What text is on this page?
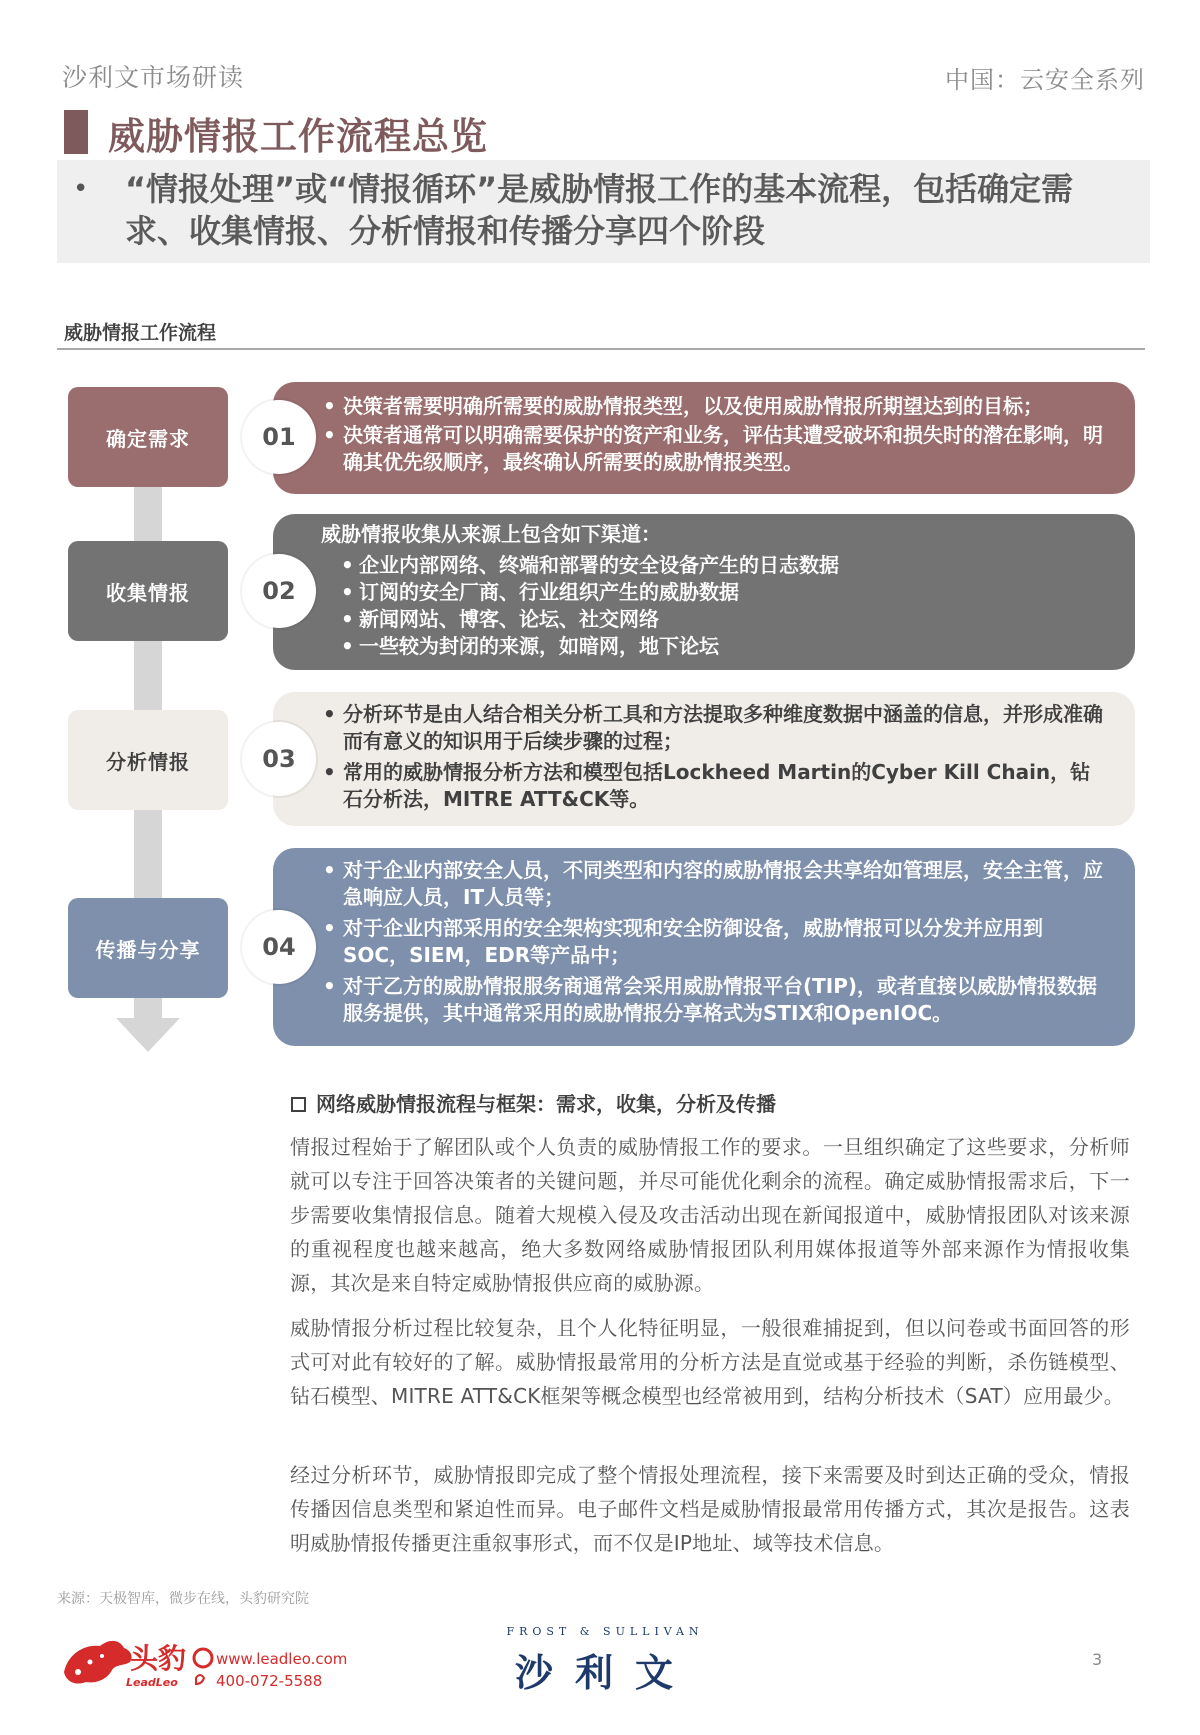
沙利文市场研读	中国：云安全系列
威胁情报工作流程总览
• “情报处理”或“情报循环”是威胁情报工作的基本流程，包括确定需求、收集情报、分析情报和传播分享四个阶段
威胁情报工作流程
确定需求
• 决策者需要明确所需要的威胁情报类型，以及使用威胁情报所期望达到的目标；
• 决策者通常可以明确需要保护的资产和业务，评估其遭受破坏和损失时的潜在影响，明确其优先级顺序，最终确认所需要的威胁情报类型。
01
收集情报
威胁情报收集从来源上包含如下渠道：
• 企业内部网络、终端和部署的安全设备产生的日志数据
• 订阅的安全厂商、行业组织产生的威胁数据
• 新闻网站、博客、论坛、社交网络
• 一些较为封闭的来源，如暗网，地下论坛
02
分析情报
• 分析环节是由人结合相关分析工具和方法提取多种维度数据中涵盖的信息，并形成准确而有意义的知识用于后续步骤的过程；
• 常用的威胁情报分析方法和模型包括Lockheed Martin的Cyber Kill Chain，钻石分析法，MITRE ATT&CK等。
03
传播与分享
• 对于企业内部安全人员，不同类型和内容的威胁情报会共享给如管理层，安全主管，应急响应人员，IT人员等；
• 对于企业内部采用的安全架构实现和安全防御设备，威胁情报可以分发并应用到SOC，SIEM，EDR等产品中；
• 对于乙方的威胁情报服务商通常会采用威胁情报平台(TIP)，或者直接以威胁情报数据服务提供，其中通常采用的威胁情报分享格式为STIX和OpenIOC。
04
网络威胁情报流程与框架：需求，收集，分析及传播

情报过程始于了解团队或个人负责的威胁情报工作的要求。一旦组织确定了这些要求，分析师就可以专注于回答决策者的关键问题，并尽可能优化剩余的流程。确定威胁情报需求后，下一步需要收集情报信息。随着大规模入侵及攻击活动出现在新闻报道中，威胁情报团队对该来源的重视程度也越来越高，绝大多数网络威胁情报团队利用媒体报道等外部来源作为情报收集源，其次是来自特定威胁情报供应商的威胁源。

威胁情报分析过程比较复杂，且个人化特征明显，一般很难捕捉到，但以问卷或书面回答的形式可对此有较好的了解。威胁情报最常用的分析方法是直觉或基于经验的判断，杀伤链模型、钻石模型、MITRE ATT&CK框架等概念模型也经常被用到，结构分析技术（SAT）应用最少。

经过分析环节，威胁情报即完成了整个情报处理流程，接下来需要及时到达正确的受众，情报传播因信息类型和紧迫性而异。电子邮件文档是威胁情报最常用传播方式，其次是报告。这表明威胁情报传播更注重叙事形式，而不仅是IP地址、域等技术信息。

来源：天极智库，微步在线，头豹研究院
头豹
LeadLeo
www.leadleo.com
400-072-5588
FROST & SULLIVAN
沙利文	3
